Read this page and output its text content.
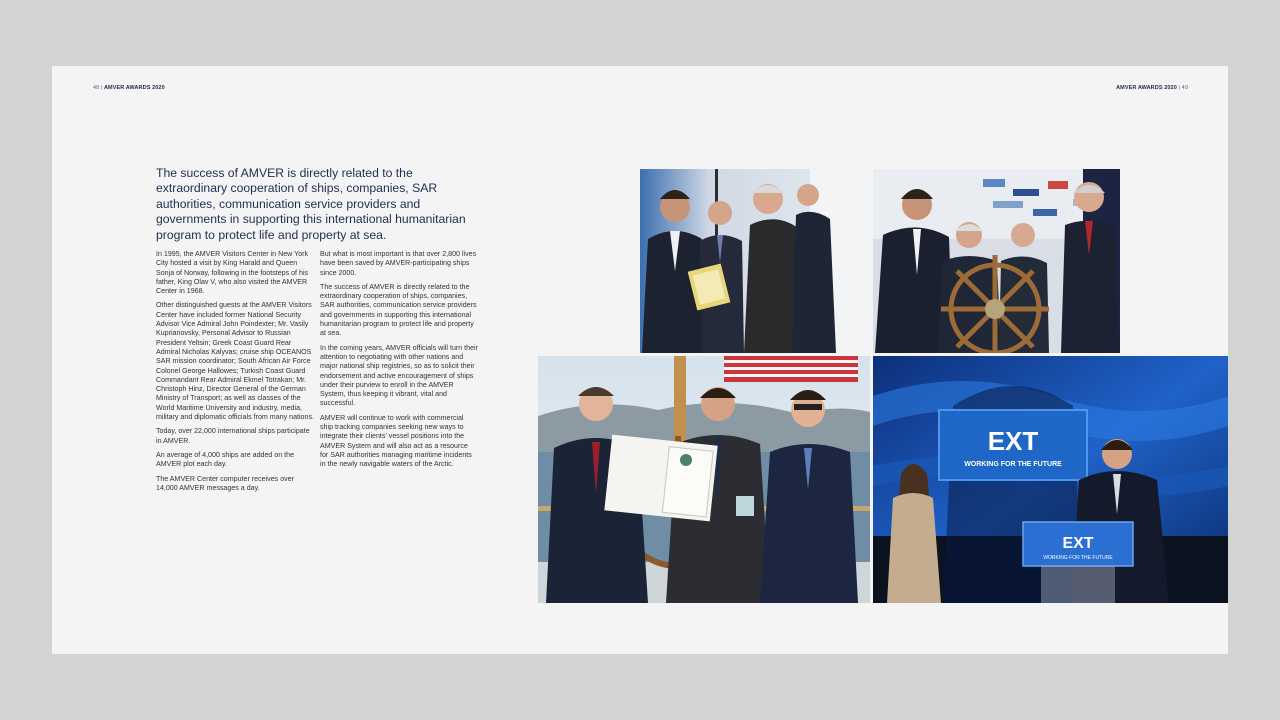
48 | AMVER AWARDS 2020	AMVER AWARDS 2020 | 49
The success of AMVER is directly related to the extraordinary cooperation of ships, companies, SAR authorities, communication service providers and governments in supporting this international humanitarian program to protect life and property at sea.

In 1995, the AMVER Visitors Center in New York City hosted a visit by King Harald and Queen Sonja of Norway, following in the footsteps of his father, King Olav V, who also visited the AMVER Center in 1968.

Other distinguished guests at the AMVER Visitors Center have included former National Security Advisor Vice Admiral John Poindexter; Mr. Vasily Kuprianovsky, Personal Advisor to Russian President Yeltsin; Greek Coast Guard Rear Admiral Nicholas Kalyvas; cruise ship OCEANOS SAR mission coordinator; South African Air Force Colonel George Hallowes; Turkish Coast Guard Commandant Rear Admiral Ekmel Totrakan; Mr. Christoph Hinz, Director General of the German Ministry of Transport; as well as classes of the World Maritime University and industry, media, military and diplomatic officials from many nations.

Today, over 22,000 international ships participate in AMVER.

An average of 4,000 ships are added on the AMVER plot each day.

The AMVER Center computer receives over 14,000 AMVER messages a day.

But what is most important is that over 2,800 lives have been saved by AMVER-participating ships since 2000.

The success of AMVER is directly related to the extraordinary cooperation of ships, companies, SAR authorities, communication service providers and governments in supporting this international humanitarian program to protect life and property at sea.

In the coming years, AMVER officials will turn their attention to negotiating with other nations and major national ship registries, so as to solicit their endorsement and active encouragement of ships under their purview to enroll in the AMVER System, thus keeping it vibrant, vital and successful.

AMVER will continue to work with commercial ship tracking companies seeking new ways to integrate their clients' vessel positions into the AMVER System and will also act as a resource for SAR authorities managing maritime incidents in the newly navigable waters of the Arctic.

EXT
WORKING FOR THE FUTURE
EXT
WORKING FOR THE FUTURE
